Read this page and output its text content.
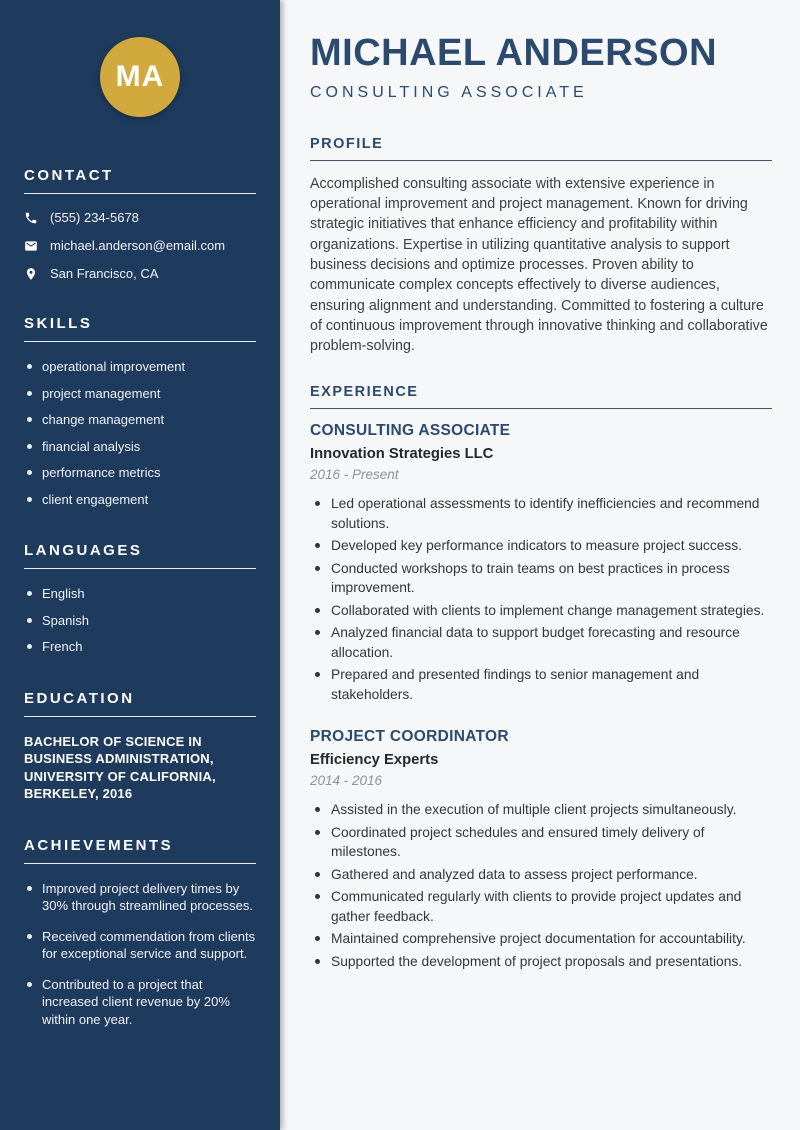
MA
CONTACT
(555) 234-5678
michael.anderson@email.com
San Francisco, CA
SKILLS
operational improvement
project management
change management
financial analysis
performance metrics
client engagement
LANGUAGES
English
Spanish
French
EDUCATION

BACHELOR OF SCIENCE IN BUSINESS ADMINISTRATION, UNIVERSITY OF CALIFORNIA, BERKELEY, 2016

ACHIEVEMENTS
Improved project delivery times by 30% through streamlined processes.
Received commendation from clients for exceptional service and support.
Contributed to a project that increased client revenue by 20% within one year.
MICHAEL ANDERSON
CONSULTING ASSOCIATE
PROFILE

Accomplished consulting associate with extensive experience in operational improvement and project management. Known for driving strategic initiatives that enhance efficiency and profitability within organizations. Expertise in utilizing quantitative analysis to support business decisions and optimize processes. Proven ability to communicate complex concepts effectively to diverse audiences, ensuring alignment and understanding. Committed to fostering a culture of continuous improvement through innovative thinking and collaborative problem-solving.

EXPERIENCE
CONSULTING ASSOCIATE
Innovation Strategies LLC
2016 - Present
Led operational assessments to identify inefficiencies and recommend solutions.
Developed key performance indicators to measure project success.
Conducted workshops to train teams on best practices in process improvement.
Collaborated with clients to implement change management strategies.
Analyzed financial data to support budget forecasting and resource allocation.
Prepared and presented findings to senior management and stakeholders.
PROJECT COORDINATOR
Efficiency Experts
2014 - 2016
Assisted in the execution of multiple client projects simultaneously.
Coordinated project schedules and ensured timely delivery of milestones.
Gathered and analyzed data to assess project performance.
Communicated regularly with clients to provide project updates and gather feedback.
Maintained comprehensive project documentation for accountability.
Supported the development of project proposals and presentations.
